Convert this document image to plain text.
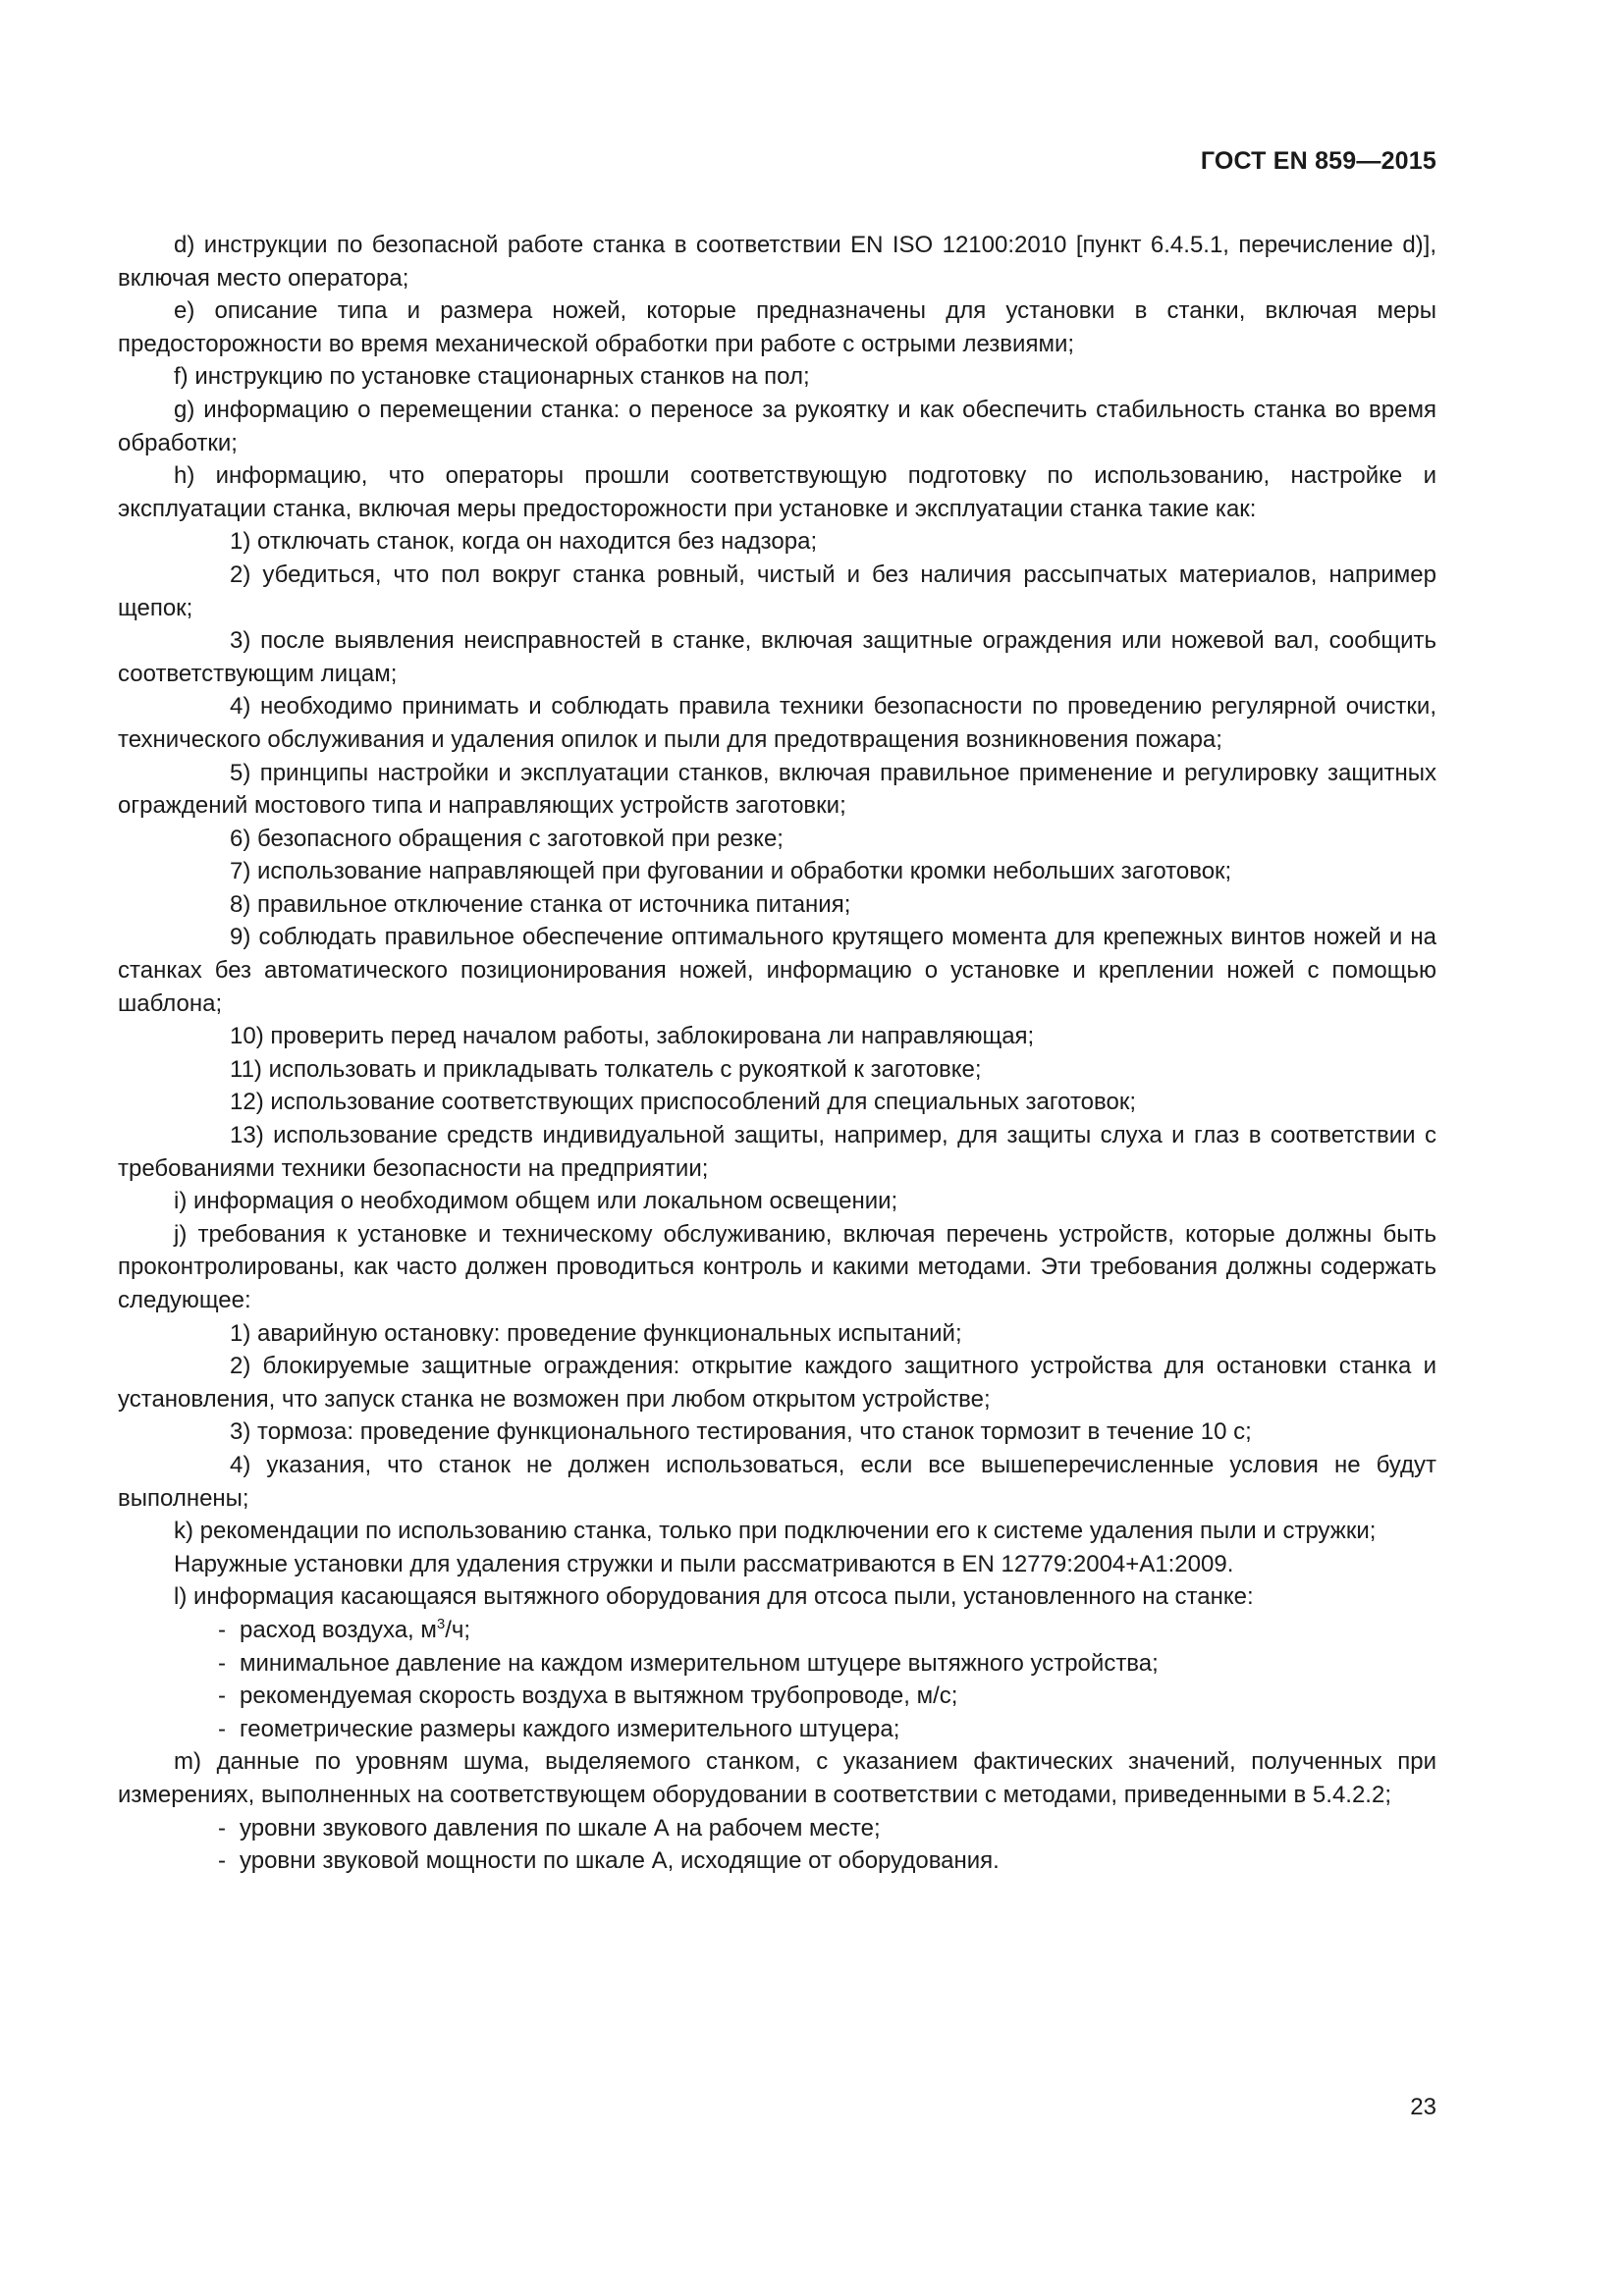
ГОСТ EN 859—2015

d) инструкции по безопасной работе станка в соответствии EN ISO 12100:2010 [пункт 6.4.5.1, перечисление d)], включая место оператора;

e) описание типа и размера ножей, которые предназначены для установки в станки, включая меры предосторожности во время механической обработки при работе с острыми лезвиями;

f) инструкцию по установке стационарных станков на пол;

g) информацию о перемещении станка: о переносе за рукоятку и как обеспечить стабильность станка во время обработки;

h) информацию, что операторы прошли соответствующую подготовку по использованию, настройке и эксплуатации станка, включая меры предосторожности при установке и эксплуатации станка такие как:

1) отключать станок, когда он находится без надзора;

2) убедиться, что пол вокруг станка ровный, чистый и без наличия рассыпчатых материалов, например щепок;

3) после выявления неисправностей в станке, включая защитные ограждения или ножевой вал, сообщить соответствующим лицам;

4) необходимо принимать и соблюдать правила техники безопасности по проведению регулярной очистки, технического обслуживания и удаления опилок и пыли для предотвращения возникновения пожара;

5) принципы настройки и эксплуатации станков, включая правильное применение и регулировку защитных ограждений мостового типа и направляющих устройств заготовки;

6) безопасного обращения с заготовкой при резке;

7) использование направляющей при фуговании и обработки кромки небольших заготовок;

8) правильное отключение станка от источника питания;

9) соблюдать правильное обеспечение оптимального крутящего момента для крепежных винтов ножей и на станках без автоматического позиционирования ножей, информацию о установке и креплении ножей с помощью шаблона;

10) проверить перед началом работы, заблокирована ли направляющая;

11) использовать и прикладывать толкатель с рукояткой к заготовке;

12) использование соответствующих приспособлений для специальных заготовок;

13) использование средств индивидуальной защиты, например, для защиты слуха и глаз в соответствии с требованиями техники безопасности на предприятии;

i) информация о необходимом общем или локальном освещении;

j) требования к установке и техническому обслуживанию, включая перечень устройств, которые должны быть проконтролированы, как часто должен проводиться контроль и какими методами. Эти требования должны содержать следующее:

1) аварийную остановку: проведение функциональных испытаний;

2) блокируемые защитные ограждения: открытие каждого защитного устройства для остановки станка и установления, что запуск станка не возможен при любом открытом устройстве;

3) тормоза: проведение функционального тестирования, что станок тормозит в течение 10 с;

4) указания, что станок не должен использоваться, если все вышеперечисленные условия не будут выполнены;

k) рекомендации по использованию станка, только при подключении его к системе удаления пыли и стружки;

Наружные установки для удаления стружки и пыли рассматриваются в EN 12779:2004+A1:2009.

l) информация касающаяся вытяжного оборудования для отсоса пыли, установленного на станке:

- расход воздуха, $м^3/ч$;

- минимальное давление на каждом измерительном штуцере вытяжного устройства;

- рекомендуемая скорость воздуха в вытяжном трубопроводе, м/с;

- геометрические размеры каждого измерительного штуцера;

m) данные по уровням шума, выделяемого станком, с указанием фактических значений, полученных при измерениях, выполненных на соответствующем оборудовании в соответствии с методами, приведенными в 5.4.2.2;

- уровни звукового давления по шкале А на рабочем месте;

- уровни звуковой мощности по шкале А, исходящие от оборудования.

23
